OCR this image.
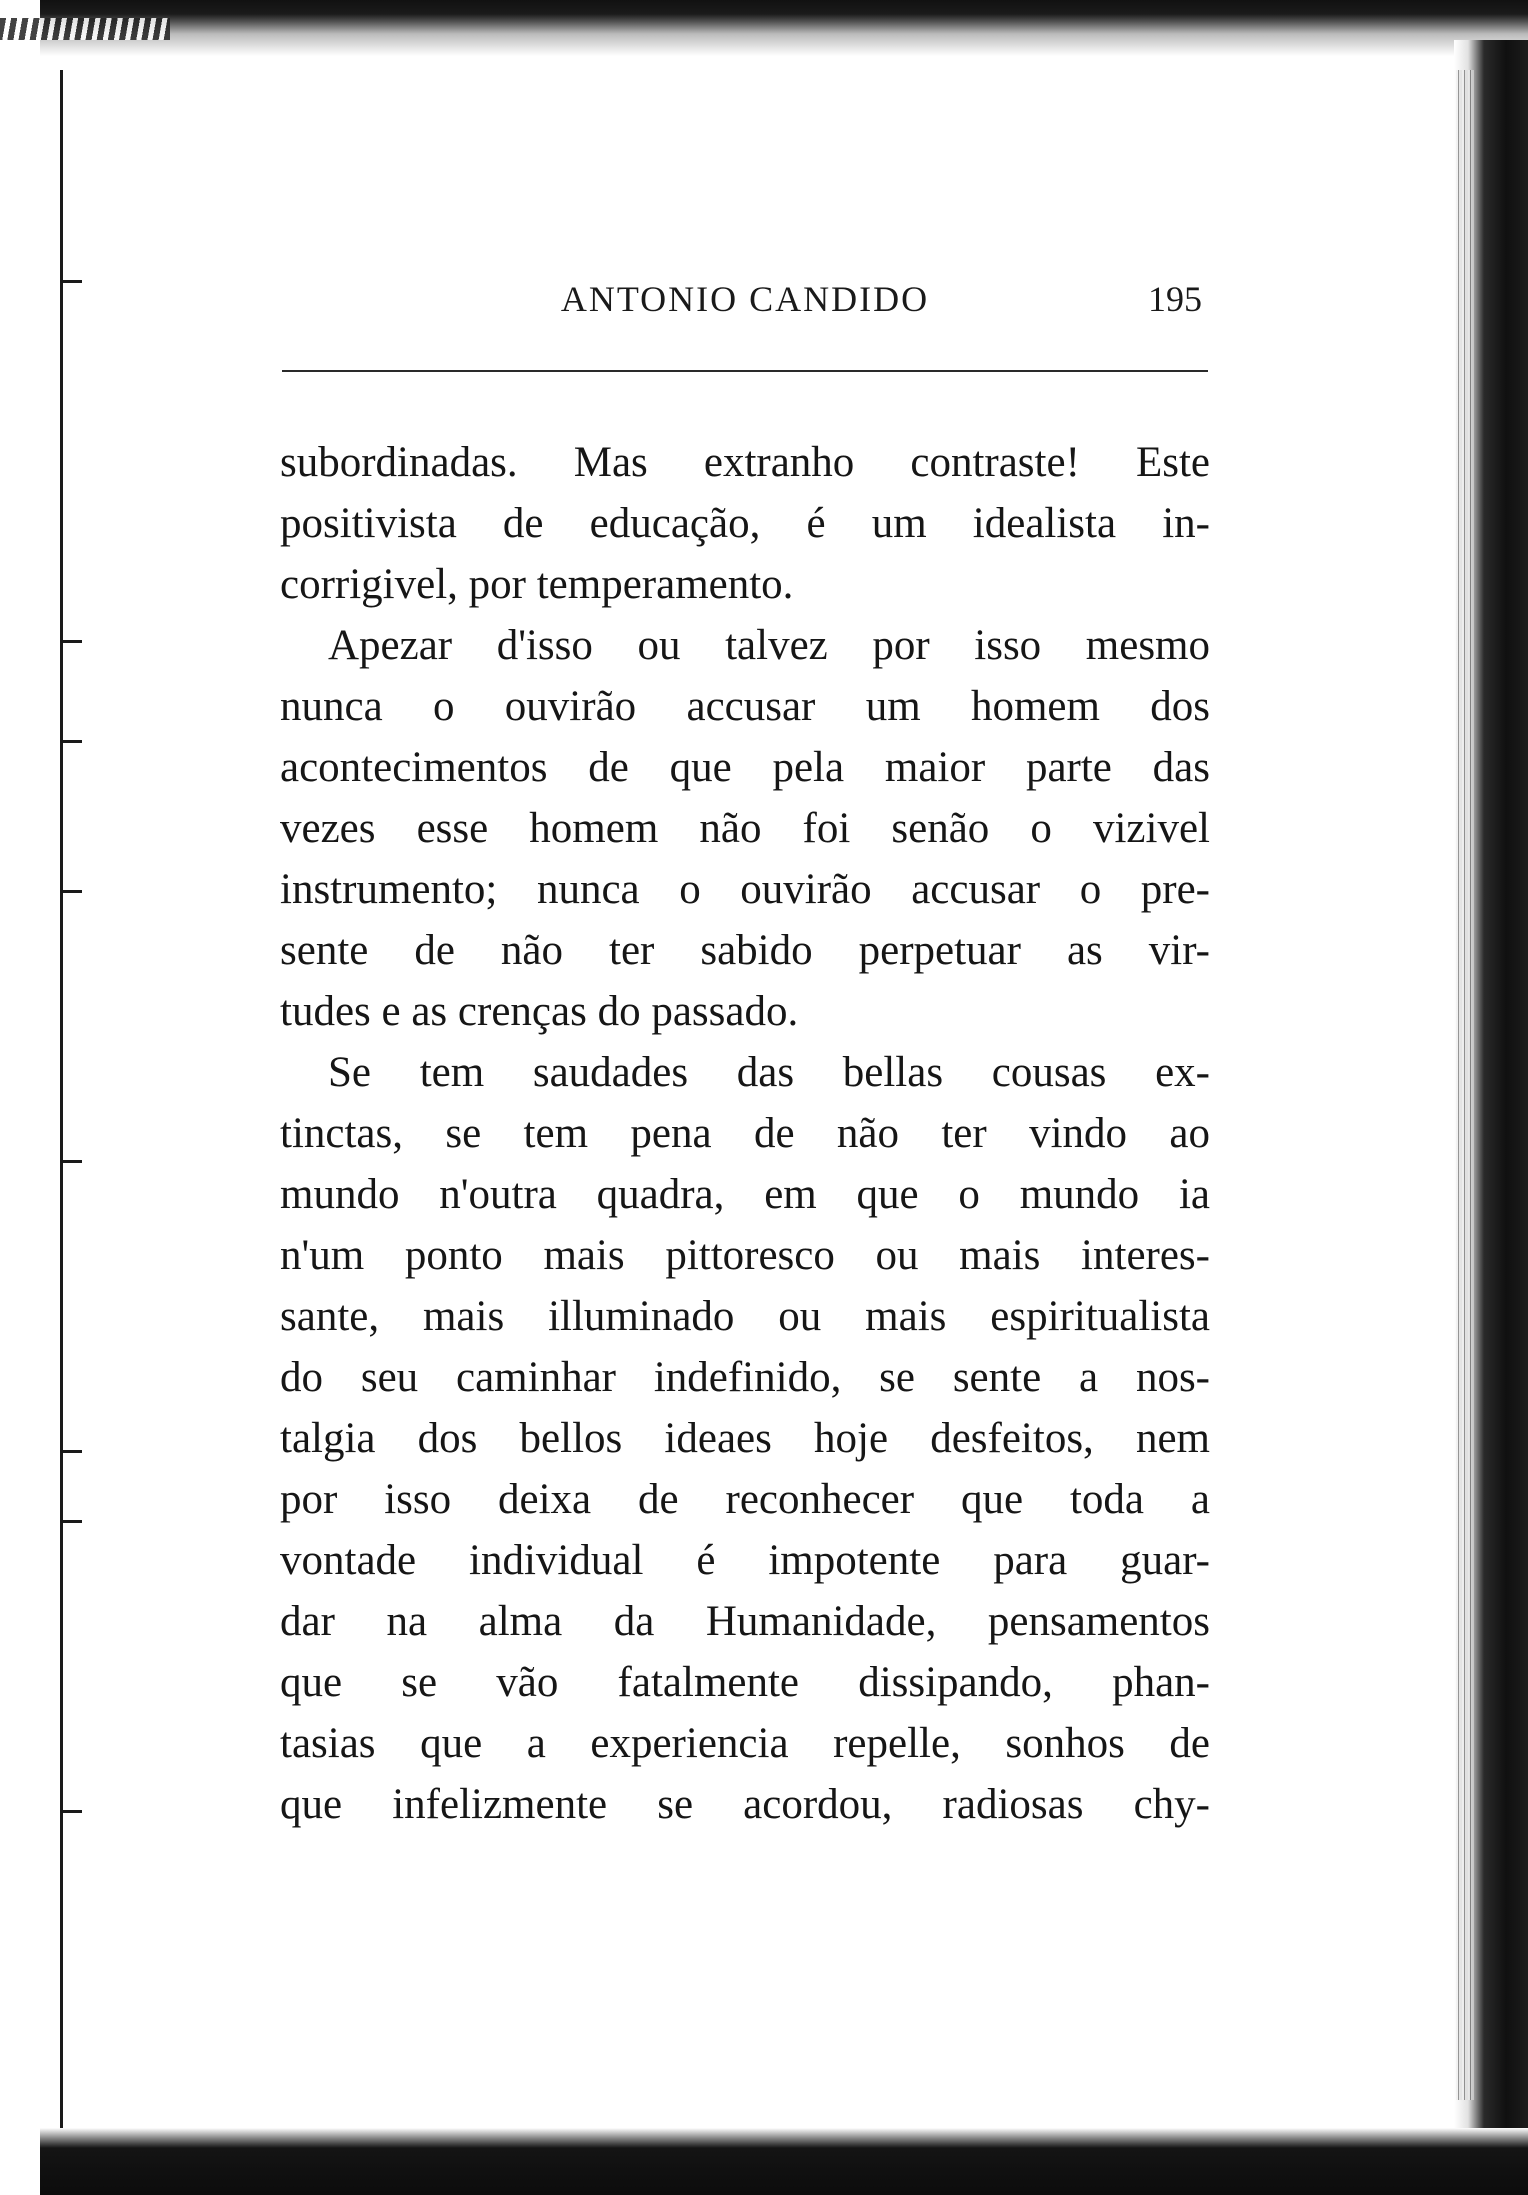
ANTONIO CANDIDO	195
subordinadas. Mas extranho contraste! Este
positivista de educação, é um idealista in-
corrigivel, por temperamento.
Apezar d'isso ou talvez por isso mesmo
nunca o ouvirão accusar um homem dos
acontecimentos de que pela maior parte das
vezes esse homem não foi senão o vizivel
instrumento; nunca o ouvirão accusar o pre-
sente de não ter sabido perpetuar as vir-
tudes e as crenças do passado.
Se tem saudades das bellas cousas ex-
tinctas, se tem pena de não ter vindo ao
mundo n'outra quadra, em que o mundo ia
n'um ponto mais pittoresco ou mais interes-
sante, mais illuminado ou mais espiritualista
do seu caminhar indefinido, se sente a nos-
talgia dos bellos ideaes hoje desfeitos, nem
por isso deixa de reconhecer que toda a
vontade individual é impotente para guar-
dar na alma da Humanidade, pensamentos
que se vão fatalmente dissipando, phan-
tasias que a experiencia repelle, sonhos de
que infelizmente se acordou, radiosas chy-
